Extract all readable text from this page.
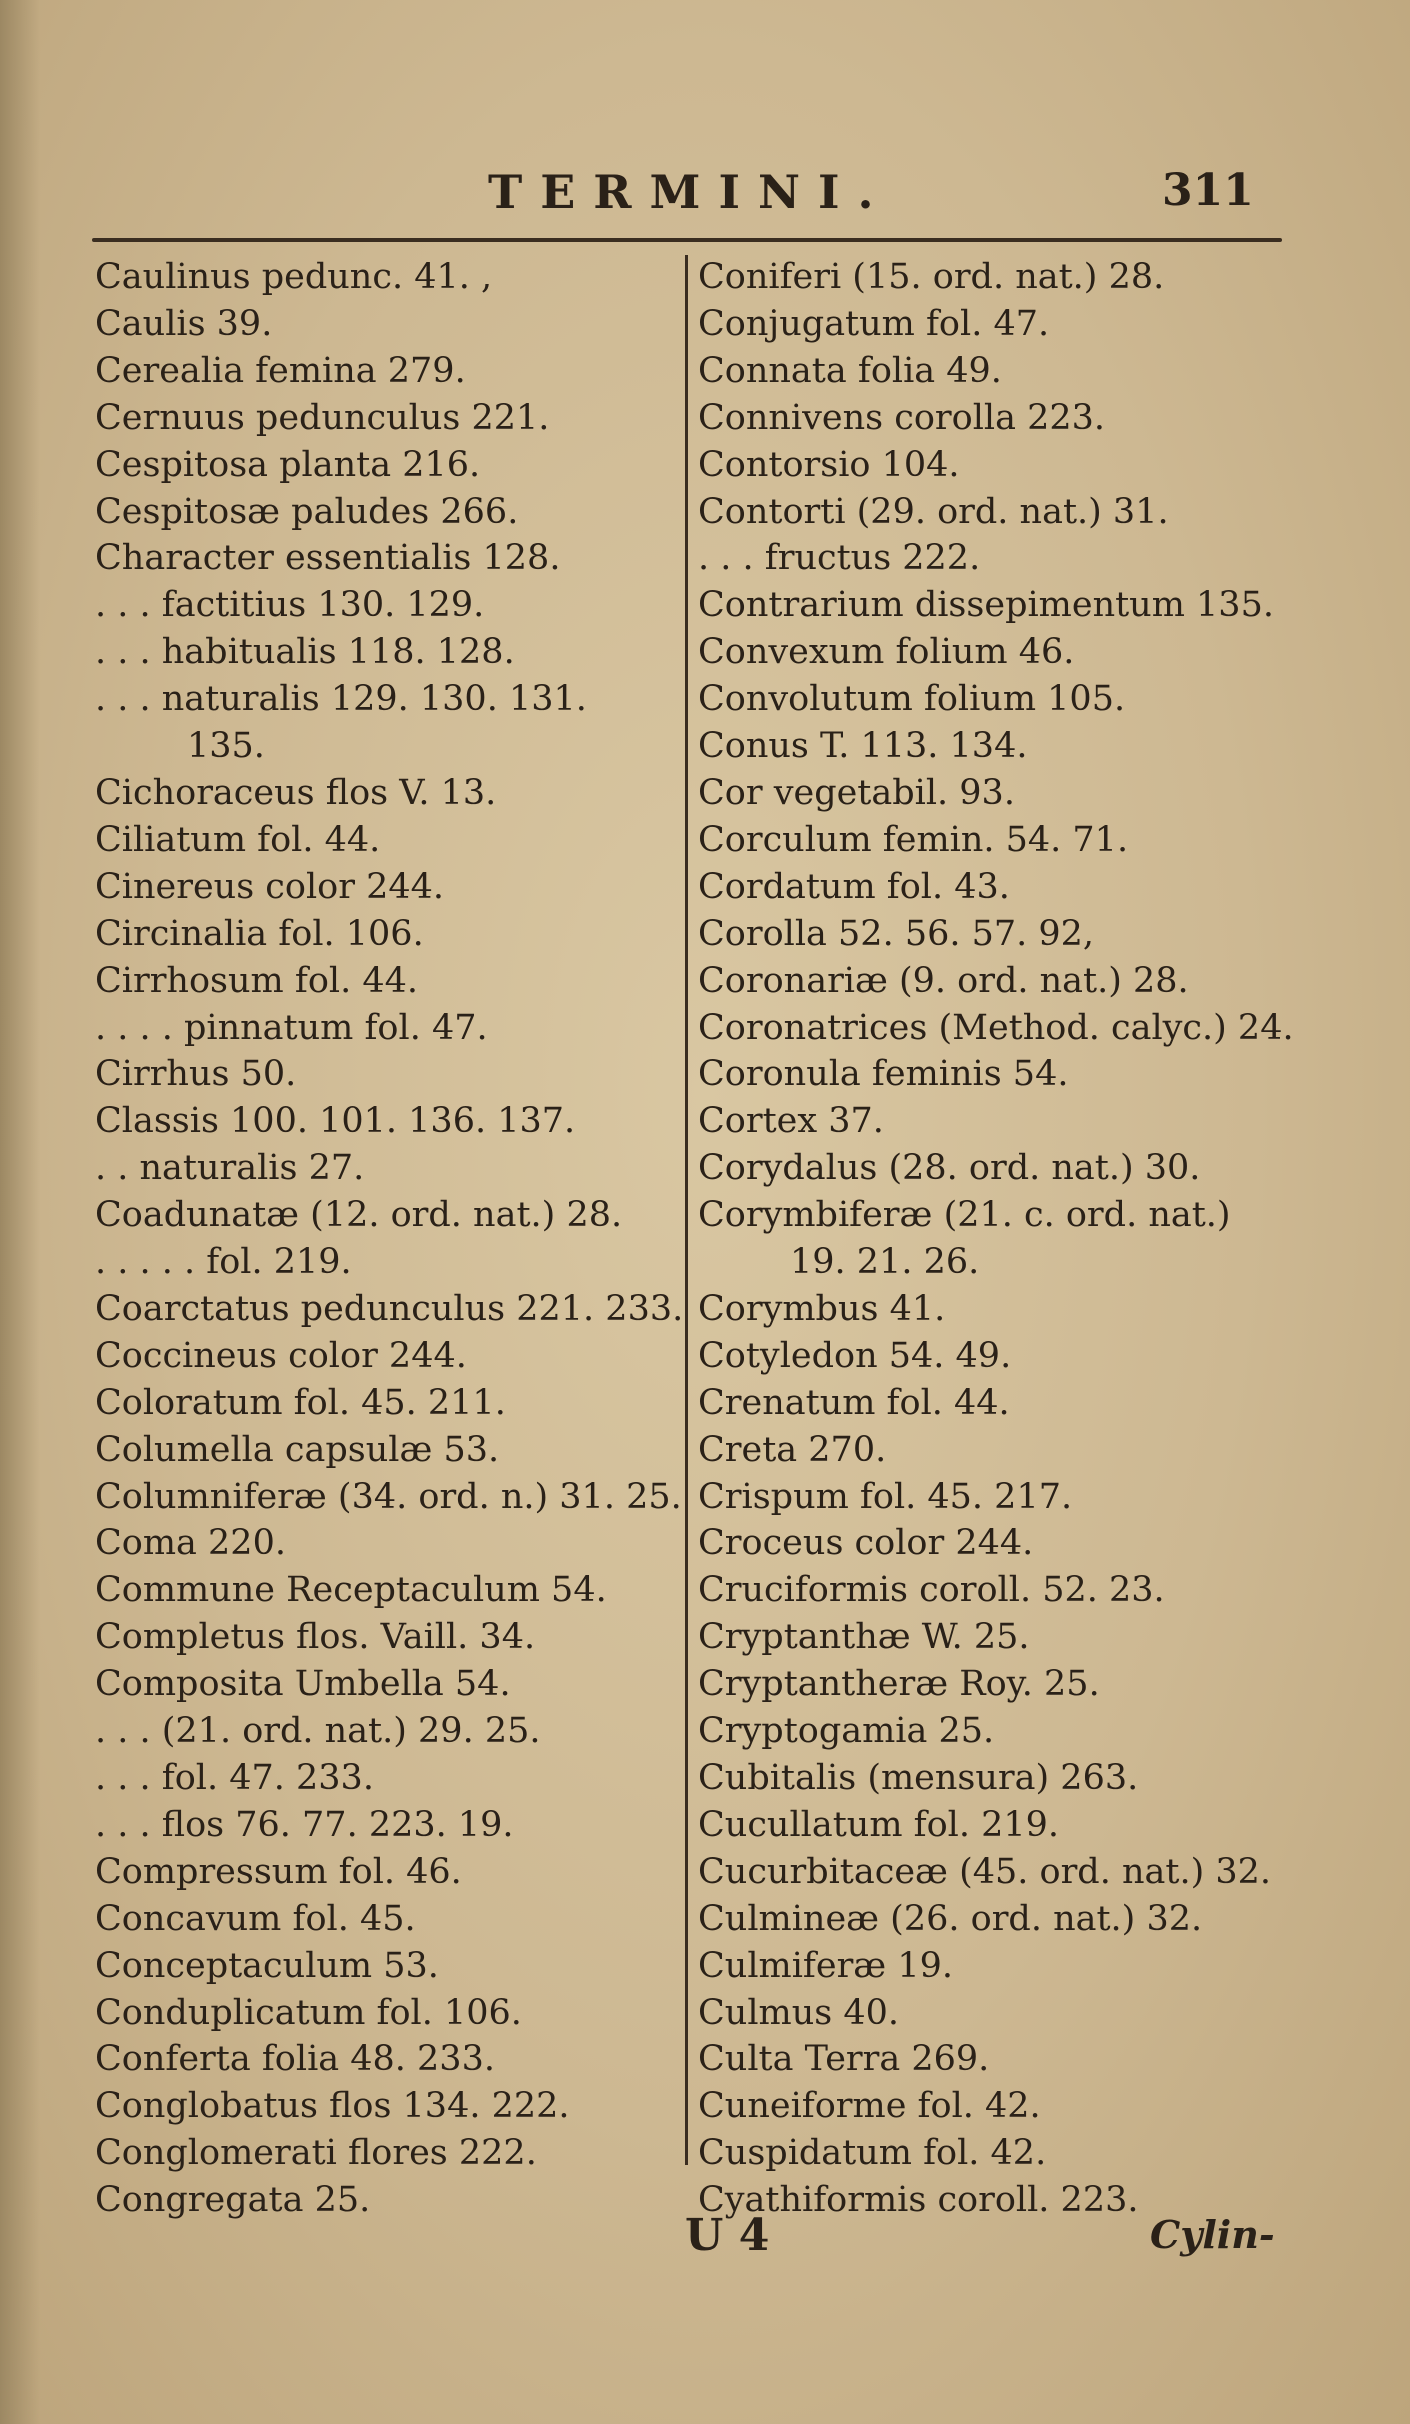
TERMINI.	311
Caulinus pedunc. 41. ,
Caulis 39.
Cerealia femina 279.
Cernuus pedunculus 221.
Cespitosa planta 216.
Cespitosæ paludes 266.
Character essentialis 128.
. . . factitius 130. 129.
. . . habitualis 118. 128.
. . . naturalis 129. 130. 131.
135.
Cichoraceus flos V. 13.
Ciliatum fol. 44.
Cinereus color 244.
Circinalia fol. 106.
Cirrhosum fol. 44.
. . . . pinnatum fol. 47.
Cirrhus 50.
Classis 100. 101. 136. 137.
. . naturalis 27.
Coadunatæ (12. ord. nat.) 28.
. . . . . fol. 219.
Coarctatus pedunculus 221. 233.
Coccineus color 244.
Coloratum fol. 45. 211.
Columella capsulæ 53.
Columniferæ (34. ord. n.) 31. 25.
Coma 220.
Commune Receptaculum 54.
Completus flos. Vaill. 34.
Composita Umbella 54.
. . . (21. ord. nat.) 29. 25.
. . . fol. 47. 233.
. . . flos 76. 77. 223. 19.
Compressum fol. 46.
Concavum fol. 45.
Conceptaculum 53.
Conduplicatum fol. 106.
Conferta folia 48. 233.
Conglobatus flos 134. 222.
Conglomerati flores 222.
Congregata 25.
Coniferi (15. ord. nat.) 28.
Conjugatum fol. 47.
Connata folia 49.
Connivens corolla 223.
Contorsio 104.
Contorti (29. ord. nat.) 31.
. . . fructus 222.
Contrarium dissepimentum 135.
Convexum folium 46.
Convolutum folium 105.
Conus T. 113. 134.
Cor vegetabil. 93.
Corculum femin. 54. 71.
Cordatum fol. 43.
Corolla 52. 56. 57. 92,
Coronariæ (9. ord. nat.) 28.
Coronatrices (Method. calyc.) 24.
Coronula feminis 54.
Cortex 37.
Corydalus (28. ord. nat.) 30.
Corymbiferæ (21. c. ord. nat.)
19. 21. 26.
Corymbus 41.
Cotyledon 54. 49.
Crenatum fol. 44.
Creta 270.
Crispum fol. 45. 217.
Croceus color 244.
Cruciformis coroll. 52. 23.
Cryptanthæ W. 25.
Cryptantheræ Roy. 25.
Cryptogamia 25.
Cubitalis (mensura) 263.
Cucullatum fol. 219.
Cucurbitaceæ (45. ord. nat.) 32.
Culmineæ (26. ord. nat.) 32.
Culmiferæ 19.
Culmus 40.
Culta Terra 269.
Cuneiforme fol. 42.
Cuspidatum fol. 42.
Cyathiformis coroll. 223.
U 4	Cylin-
